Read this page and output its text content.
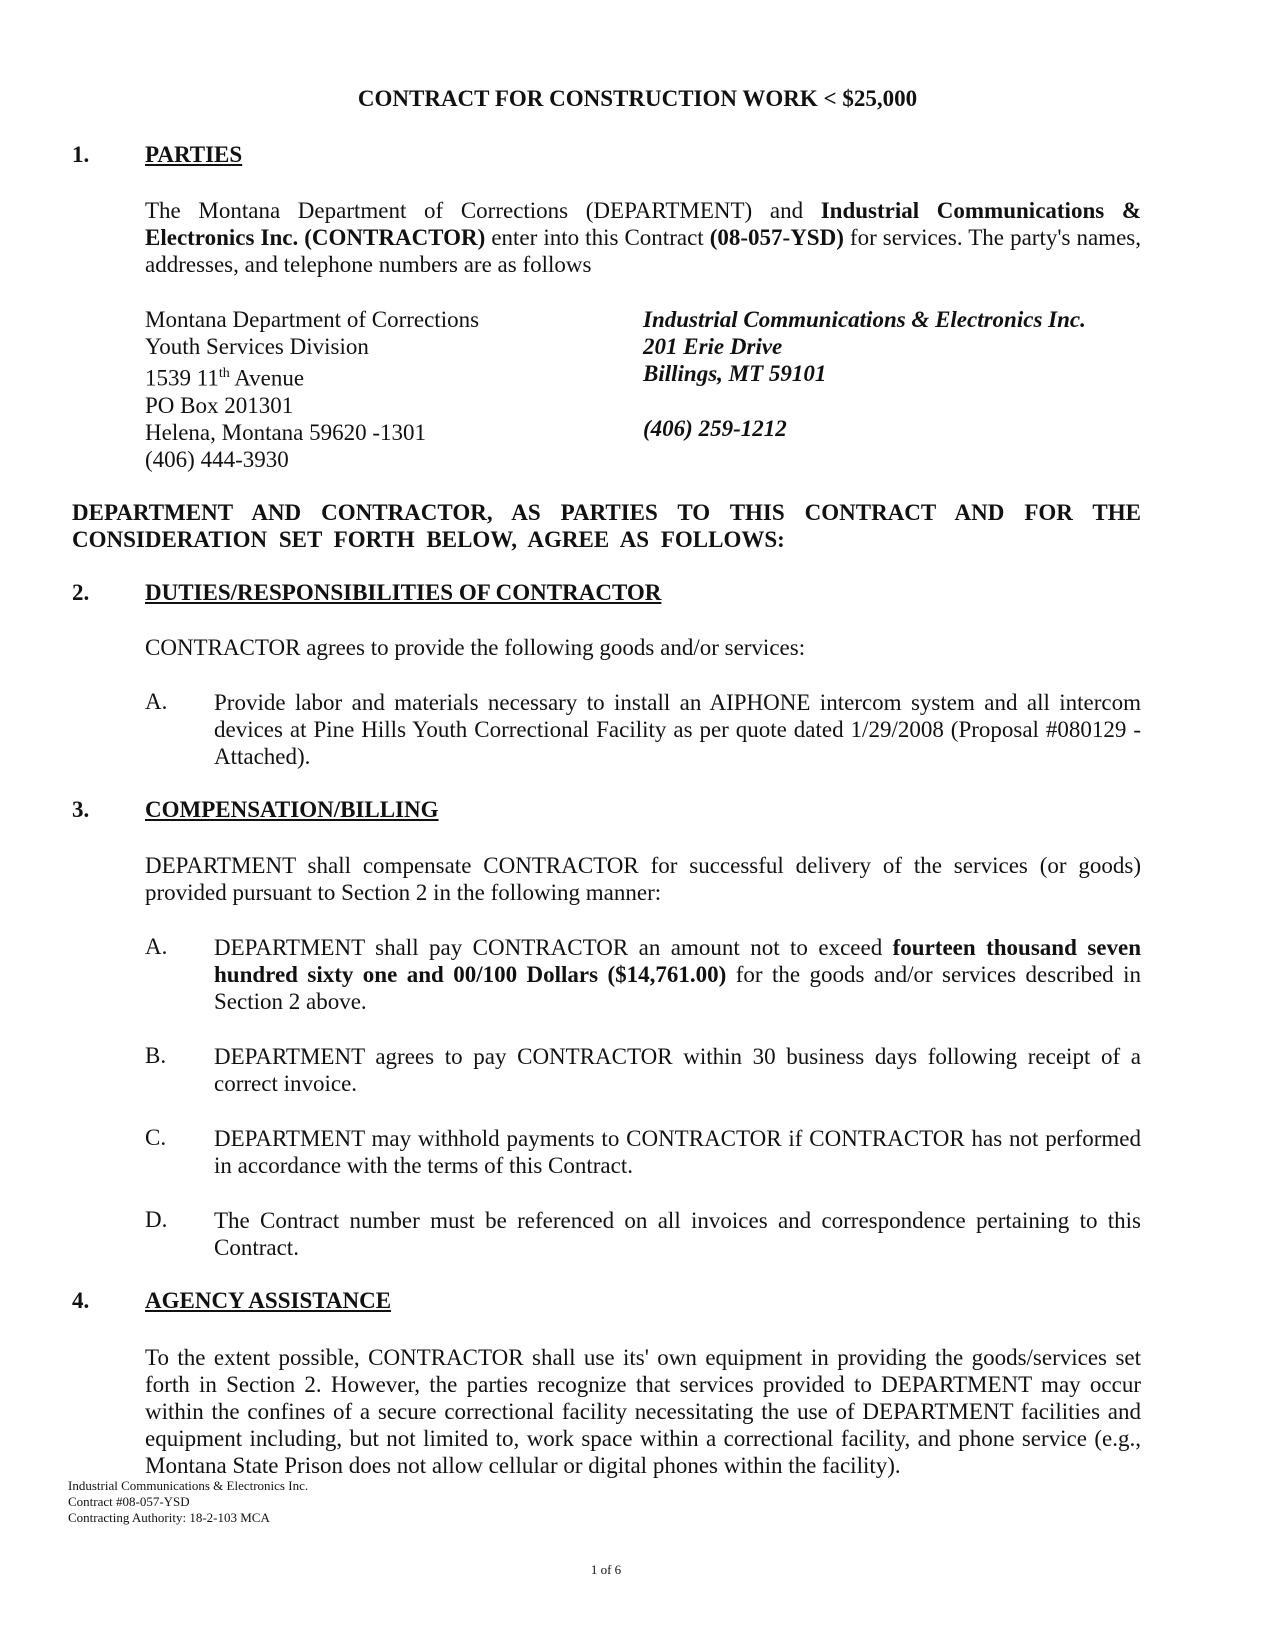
CONTRACT FOR CONSTRUCTION WORK < $25,000
1. PARTIES
The Montana Department of Corrections (DEPARTMENT) and Industrial Communications & Electronics Inc. (CONTRACTOR) enter into this Contract (08-057-YSD) for services. The party's names, addresses, and telephone numbers are as follows
Montana Department of Corrections
Youth Services Division
1539 11th Avenue
PO Box 201301
Helena, Montana 59620 -1301
(406) 444-3930
Industrial Communications & Electronics Inc.
201 Erie Drive
Billings, MT 59101
(406) 259-1212
DEPARTMENT AND CONTRACTOR, AS PARTIES TO THIS CONTRACT AND FOR THE CONSIDERATION SET FORTH BELOW, AGREE AS FOLLOWS:
2. DUTIES/RESPONSIBILITIES OF CONTRACTOR
CONTRACTOR agrees to provide the following goods and/or services:
A. Provide labor and materials necessary to install an AIPHONE intercom system and all intercom devices at Pine Hills Youth Correctional Facility as per quote dated 1/29/2008 (Proposal #080129 - Attached).
3. COMPENSATION/BILLING
DEPARTMENT shall compensate CONTRACTOR for successful delivery of the services (or goods) provided pursuant to Section 2 in the following manner:
A. DEPARTMENT shall pay CONTRACTOR an amount not to exceed fourteen thousand seven hundred sixty one and 00/100 Dollars ($14,761.00) for the goods and/or services described in Section 2 above.
B. DEPARTMENT agrees to pay CONTRACTOR within 30 business days following receipt of a correct invoice.
C. DEPARTMENT may withhold payments to CONTRACTOR if CONTRACTOR has not performed in accordance with the terms of this Contract.
D. The Contract number must be referenced on all invoices and correspondence pertaining to this Contract.
4. AGENCY ASSISTANCE
To the extent possible, CONTRACTOR shall use its' own equipment in providing the goods/services set forth in Section 2. However, the parties recognize that services provided to DEPARTMENT may occur within the confines of a secure correctional facility necessitating the use of DEPARTMENT facilities and equipment including, but not limited to, work space within a correctional facility, and phone service (e.g., Montana State Prison does not allow cellular or digital phones within the facility).
Industrial Communications & Electronics Inc.
Contract #08-057-YSD
Contracting Authority: 18-2-103 MCA
1 of 6
